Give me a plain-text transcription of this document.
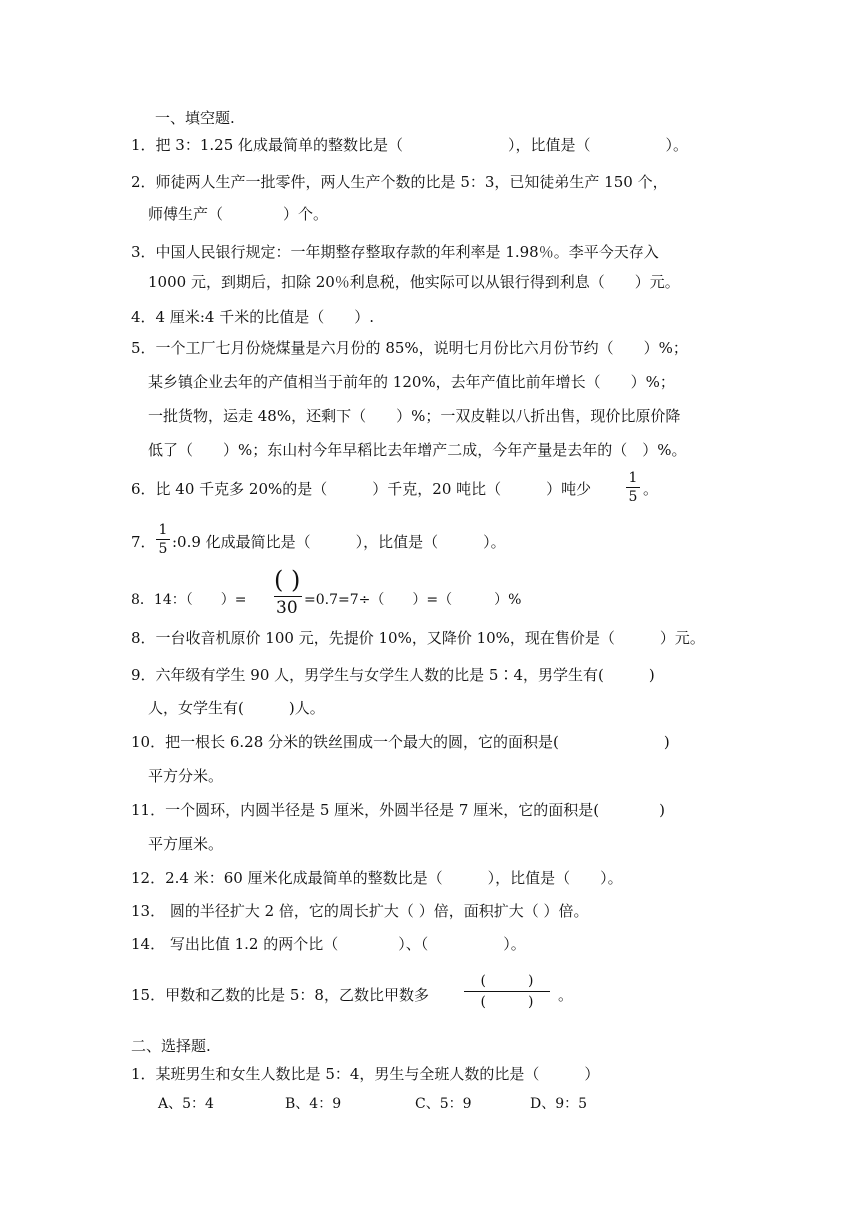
一、填空题.
1．把 3：1.25 化成最简单的整数比是（　　　　　　　），比值是（　　　　　）。
2．师徒两人生产一批零件，两人生产个数的比是 5：3，已知徒弟生产 150 个，
师傅生产（　　　　）个。
3．中国人民银行规定：一年期整存整取存款的年利率是 1.98％。李平今天存入
1000 元，到期后，扣除 20％利息税，他实际可以从银行得到利息（　　）元。
4．4 厘米:4 千米的比值是（　　）.
5．一个工厂七月份烧煤量是六月份的 85%，说明七月份比六月份节约（　　）%；
某乡镇企业去年的产值相当于前年的 120%，去年产值比前年增长（　　）%；
一批货物，运走 48%，还剩下（　　）%；一双皮鞋以八折出售，现价比原价降
低了（　　）%；东山村今年早稻比去年增产二成，今年产量是去年的（　）%。
6．比 40 千克多 20%的是（　　　）千克，20 吨比（　　　）吨少
1
5 。
7．
1
5 :0.9 化成最简比是（　　　），比值是（　　　）。
8．14：（　　）=
( )
30 =0.7=7÷（　　）=（　　　）%
8．一台收音机原价 100 元，先提价 10%，又降价 10%，现在售价是（　　　）元。
9．六年级有学生 90 人，男学生与女学生人数的比是 5∶4，男学生有(　　　)
人，女学生有(　　　)人。
10．把一根长 6.28 分米的铁丝围成一个最大的圆，它的面积是(　　　　　　　)
平方分米。
11．一个圆环，内圆半径是 5 厘米，外圆半径是 7 厘米，它的面积是(　　　　)
平方厘米。
12．2.4 米：60 厘米化成最简单的整数比是（　　　），比值是（　　）。
13． 圆的半径扩大 2 倍，它的周长扩大（ ）倍，面积扩大（ ）倍。
14． 写出比值 1.2 的两个比（　　　　）、（　　　　　）。
15．甲数和乙数的比是 5：8，乙数比甲数多
(　　　)
(　　　)	。
二、选择题.
1．某班男生和女生人数比是 5：4，男生与全班人数的比是（　　　）
A、5：4	B、4：9	C、5：9	D、9：5
